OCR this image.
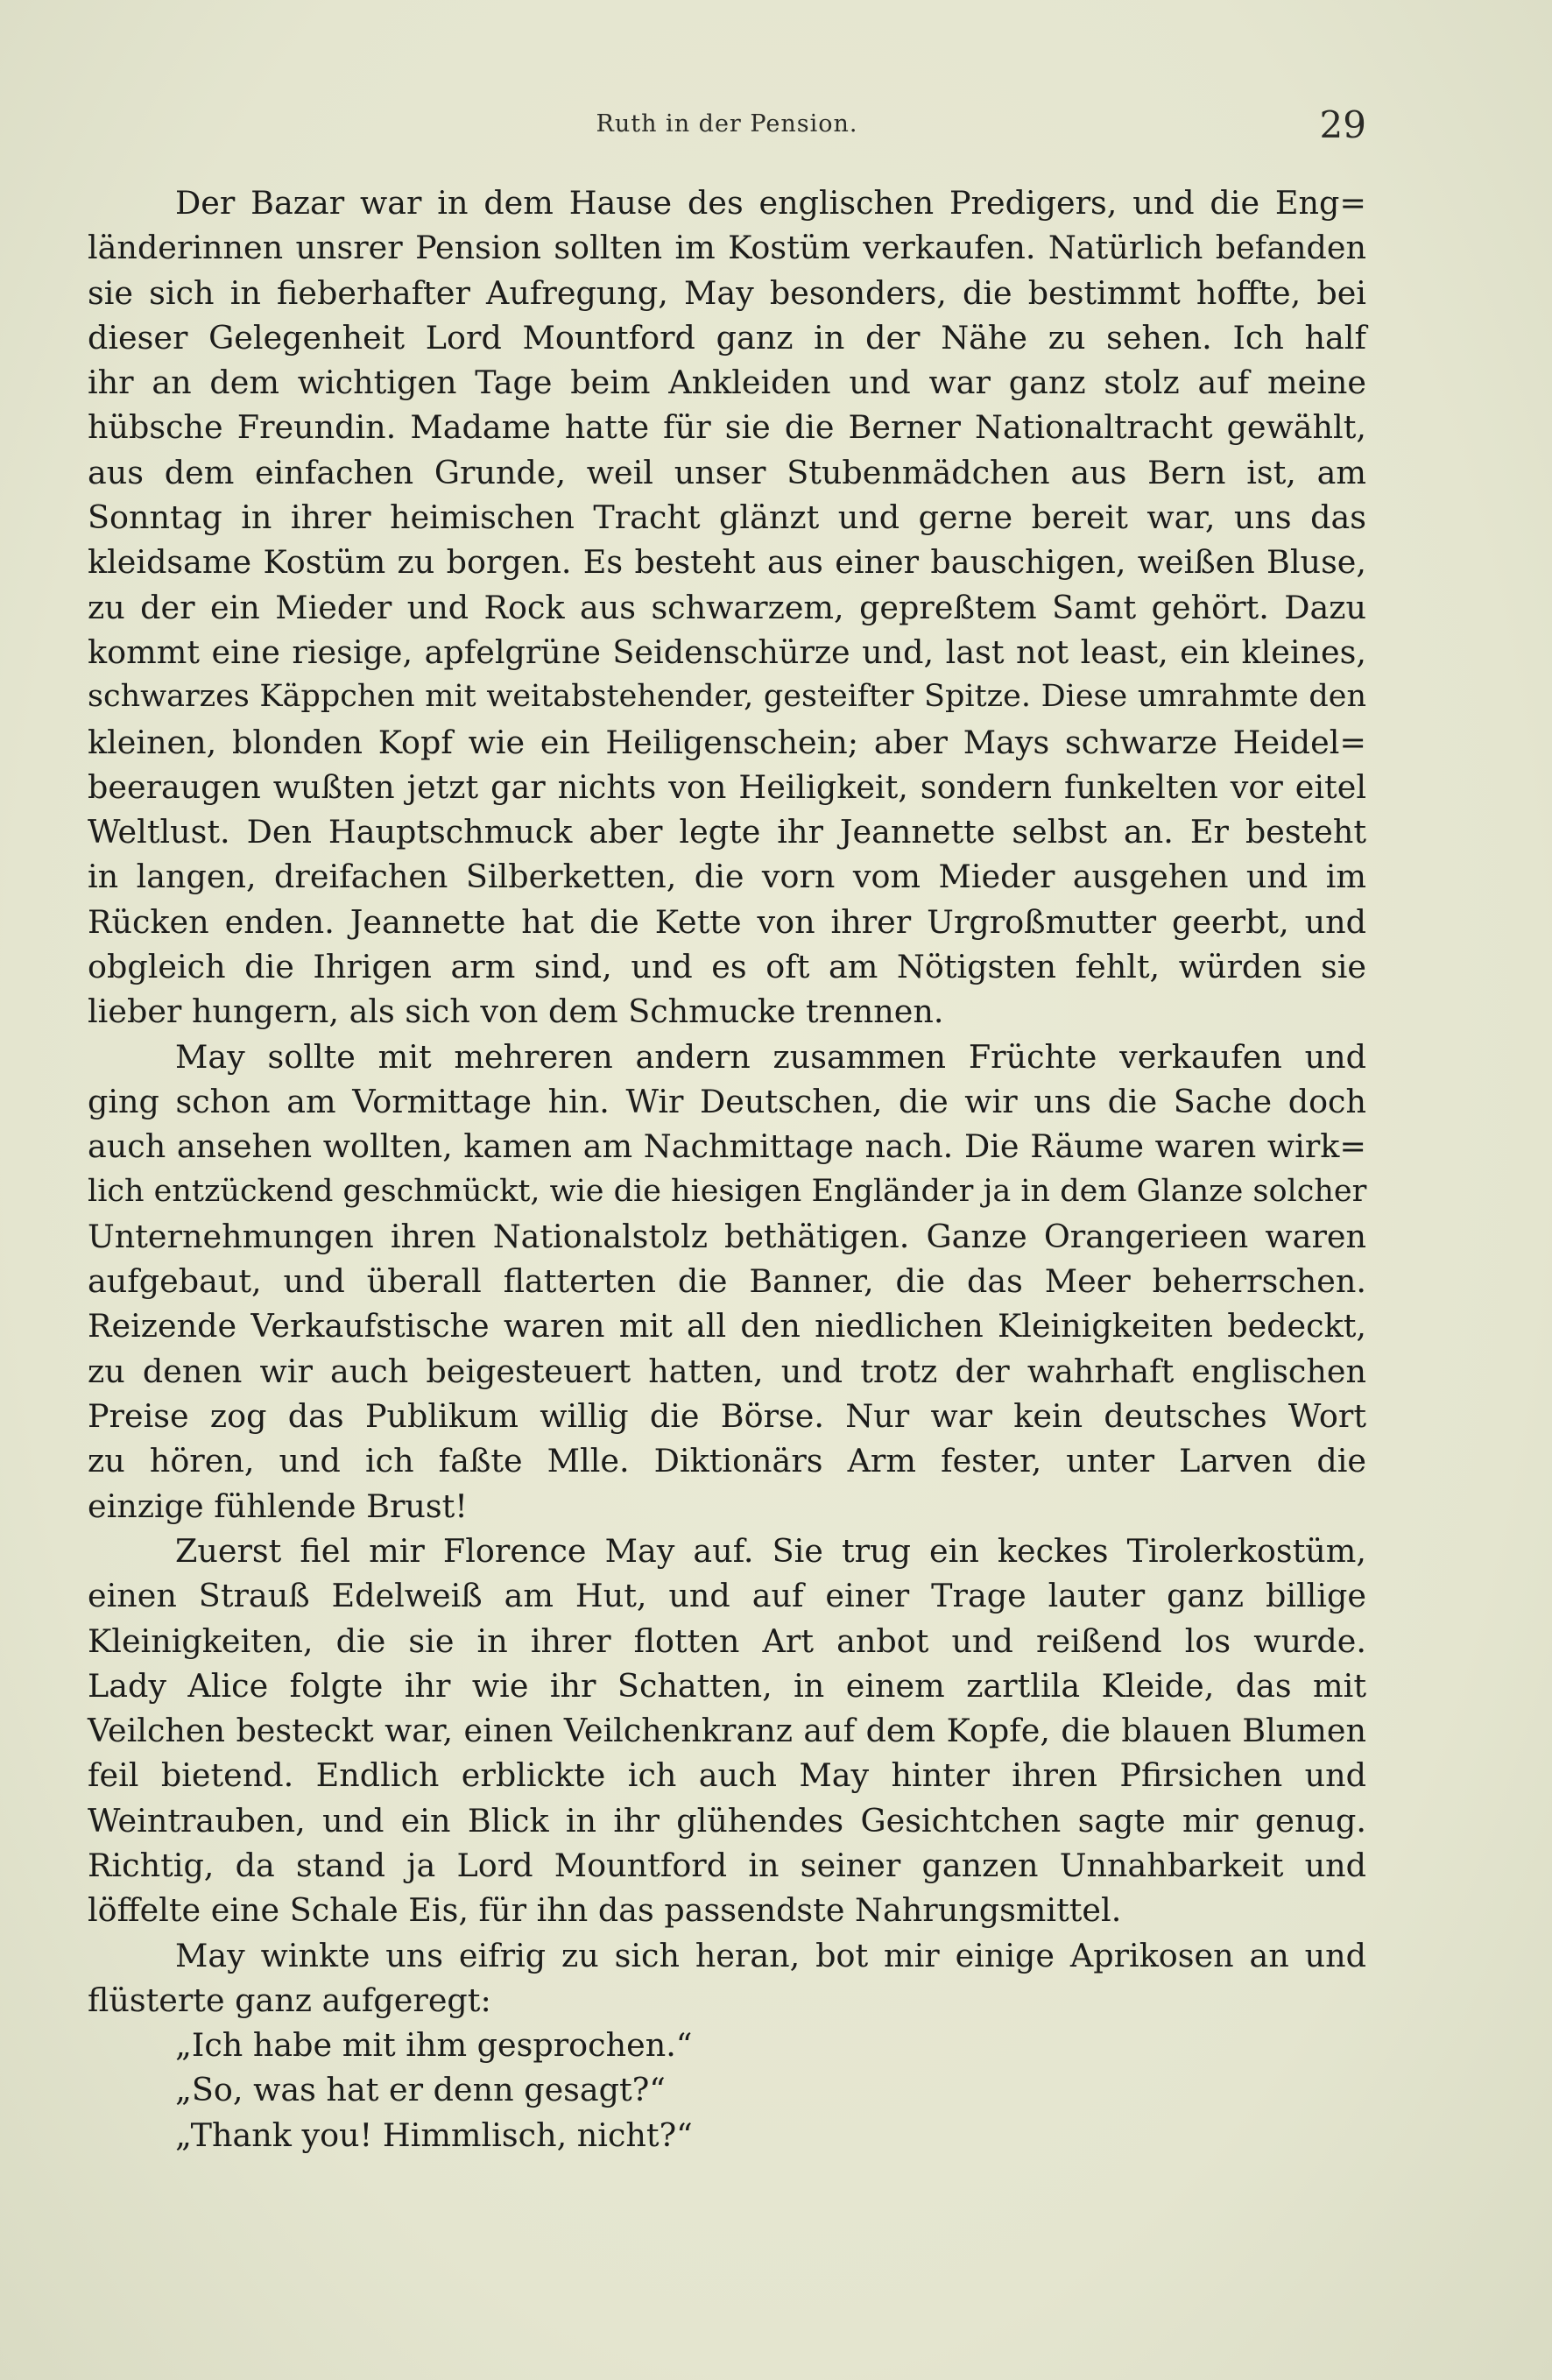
Ruth in der Pension.	29
Der Bazar war in dem Hause des englischen Predigers, und die Eng=
länderinnen unsrer Pension sollten im Kostüm verkaufen. Natürlich befanden
sie sich in fieberhafter Aufregung, May besonders, die bestimmt hoffte, bei
dieser Gelegenheit Lord Mountford ganz in der Nähe zu sehen. Ich half
ihr an dem wichtigen Tage beim Ankleiden und war ganz stolz auf meine
hübsche Freundin. Madame hatte für sie die Berner Nationaltracht gewählt,
aus dem einfachen Grunde, weil unser Stubenmädchen aus Bern ist, am
Sonntag in ihrer heimischen Tracht glänzt und gerne bereit war, uns das
kleidsame Kostüm zu borgen. Es besteht aus einer bauschigen, weißen Bluse,
zu der ein Mieder und Rock aus schwarzem, gepreßtem Samt gehört. Dazu
kommt eine riesige, apfelgrüne Seidenschürze und, last not least, ein kleines,
schwarzes Käppchen mit weitabstehender, gesteifter Spitze. Diese umrahmte den
kleinen, blonden Kopf wie ein Heiligenschein; aber Mays schwarze Heidel=
beeraugen wußten jetzt gar nichts von Heiligkeit, sondern funkelten vor eitel
Weltlust. Den Hauptschmuck aber legte ihr Jeannette selbst an. Er besteht
in langen, dreifachen Silberketten, die vorn vom Mieder ausgehen und im
Rücken enden. Jeannette hat die Kette von ihrer Urgroßmutter geerbt, und
obgleich die Ihrigen arm sind, und es oft am Nötigsten fehlt, würden sie
lieber hungern, als sich von dem Schmucke trennen.
May sollte mit mehreren andern zusammen Früchte verkaufen und
ging schon am Vormittage hin. Wir Deutschen, die wir uns die Sache doch
auch ansehen wollten, kamen am Nachmittage nach. Die Räume waren wirk=
lich entzückend geschmückt, wie die hiesigen Engländer ja in dem Glanze solcher
Unternehmungen ihren Nationalstolz bethätigen. Ganze Orangerieen waren
aufgebaut, und überall flatterten die Banner, die das Meer beherrschen.
Reizende Verkaufstische waren mit all den niedlichen Kleinigkeiten bedeckt,
zu denen wir auch beigesteuert hatten, und trotz der wahrhaft englischen
Preise zog das Publikum willig die Börse. Nur war kein deutsches Wort
zu hören, und ich faßte Mlle. Diktionärs Arm fester, unter Larven die
einzige fühlende Brust!
Zuerst fiel mir Florence May auf. Sie trug ein keckes Tirolerkostüm,
einen Strauß Edelweiß am Hut, und auf einer Trage lauter ganz billige
Kleinigkeiten, die sie in ihrer flotten Art anbot und reißend los wurde.
Lady Alice folgte ihr wie ihr Schatten, in einem zartlila Kleide, das mit
Veilchen besteckt war, einen Veilchenkranz auf dem Kopfe, die blauen Blumen
feil bietend. Endlich erblickte ich auch May hinter ihren Pfirsichen und
Weintrauben, und ein Blick in ihr glühendes Gesichtchen sagte mir genug.
Richtig, da stand ja Lord Mountford in seiner ganzen Unnahbarkeit und
löffelte eine Schale Eis, für ihn das passendste Nahrungsmittel.
May winkte uns eifrig zu sich heran, bot mir einige Aprikosen an und
flüsterte ganz aufgeregt:
„Ich habe mit ihm gesprochen.“
„So, was hat er denn gesagt?“
„Thank you! Himmlisch, nicht?“
